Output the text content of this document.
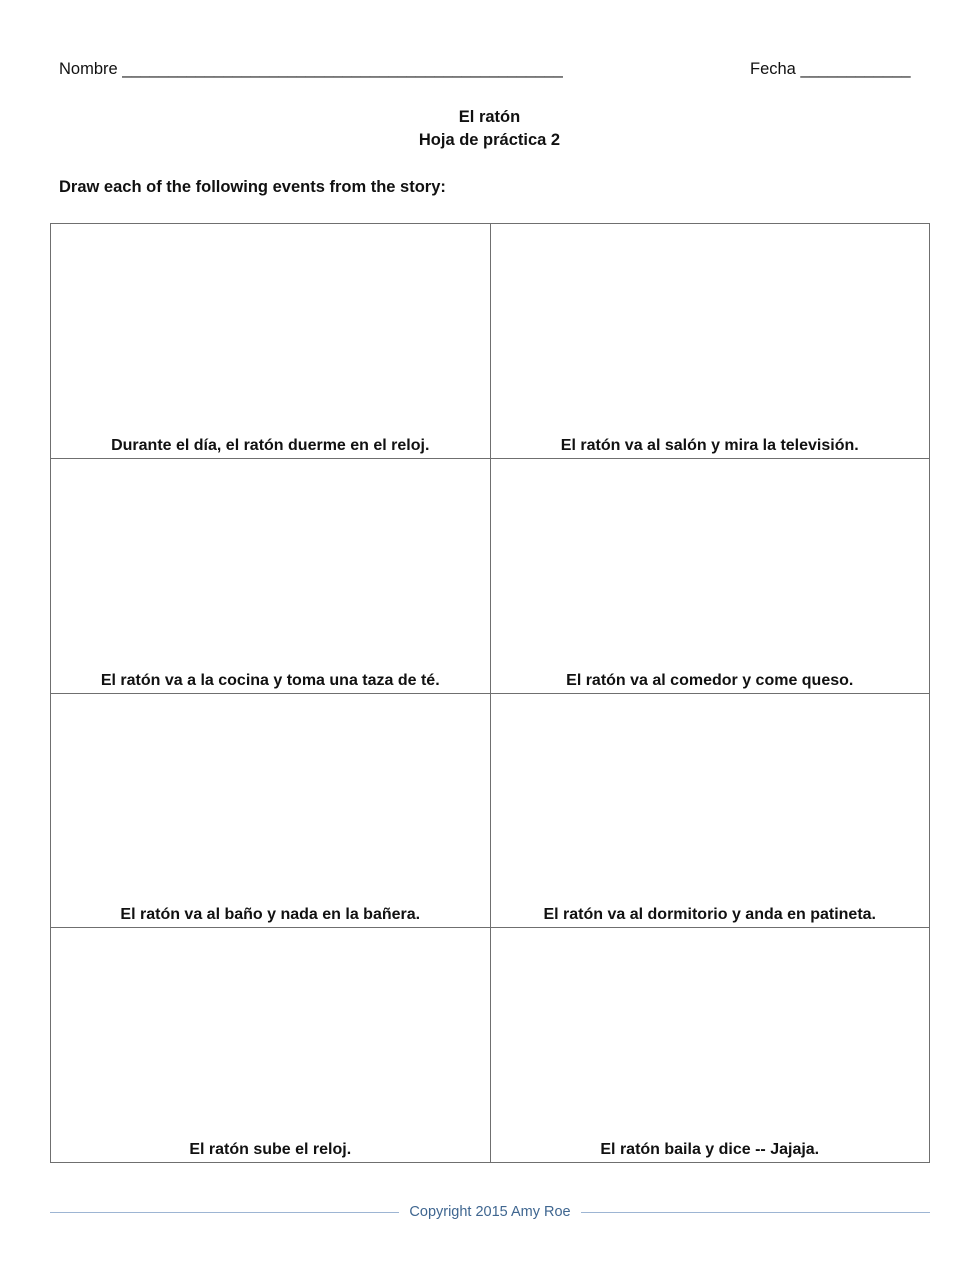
Nombre ________________________________________________	Fecha ____________
El ratón
Hoja de práctica 2
Draw each of the following events from the story:
Durante el día, el ratón duerme en el reloj.	El ratón va al salón y mira la televisión.
El ratón va a la cocina y toma una taza de té.	El ratón va al comedor y come queso.
El ratón va al baño y nada en la bañera.	El ratón va al dormitorio y anda en patineta.
El ratón sube el reloj.	El ratón baila y dice -- Jajaja.
Copyright 2015 Amy Roe
